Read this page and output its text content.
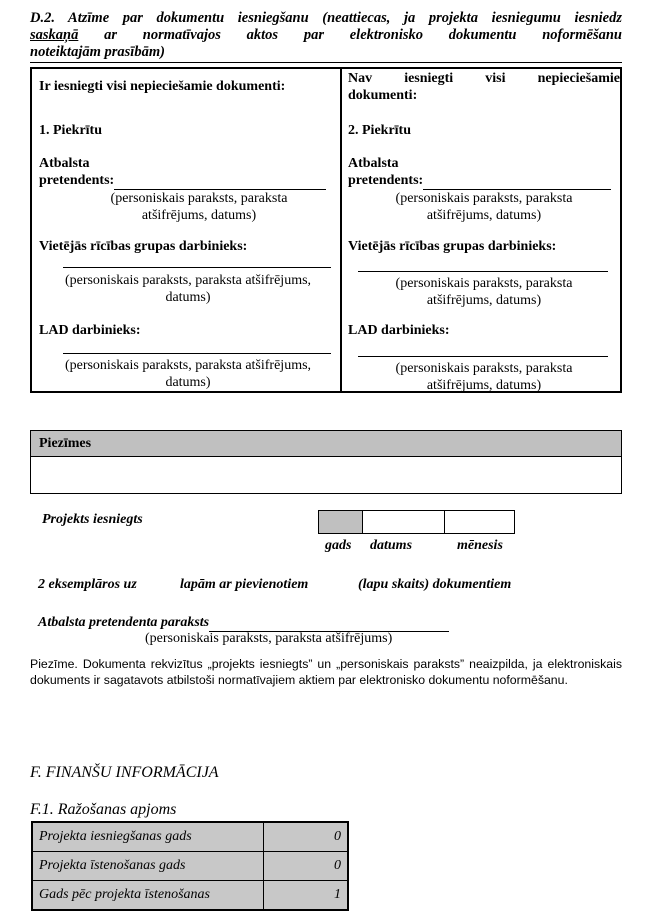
D.2. Atzīme par dokumentu iesniegšanu (neattiecas, ja projekta iesniegumu iesniedz
saskaņā ar normatīvajos aktos par elektronisko dokumentu noformēšanu
noteiktajām prasībām)
Ir iesniegti visi nepieciešamie dokumenti:
1. Piekrītu
Atbalsta
pretendents:
(personiskais paraksts, paraksta
atšifrējums, datums)
Vietējās rīcības grupas darbinieks:
(personiskais paraksts, paraksta atšifrējums,
datums)
LAD darbinieks:
(personiskais paraksts, paraksta atšifrējums,
datums)
Nav iesniegti visi nepieciešamie
dokumenti:
2. Piekrītu
Atbalsta
pretendents:
(personiskais paraksts, paraksta
atšifrējums, datums)
Vietējās rīcības grupas darbinieks:
(personiskais paraksts, paraksta
atšifrējums, datums)
LAD darbinieks:
(personiskais paraksts, paraksta
atšifrējums, datums)
Piezīmes
Projekts iesniegts
gads datums	mēnesis
2 eksemplāros uz	lapām ar pievienotiem	(lapu skaits) dokumentiem
Atbalsta pretendenta paraksts
(personiskais paraksts, paraksta atšifrējums)
Piezīme. Dokumenta rekvizītus „projekts iesniegts” un „personiskais paraksts” neaizpilda, ja elektroniskais dokuments ir sagatavots atbilstoši normatīvajiem aktiem par elektronisko dokumentu noformēšanu.
F. FINANŠU INFORMĀCIJA
F.1. Ražošanas apjoms
Projekta iesniegšanas gads	0
Projekta īstenošanas gads	0
Gads pēc projekta īstenošanas	1
